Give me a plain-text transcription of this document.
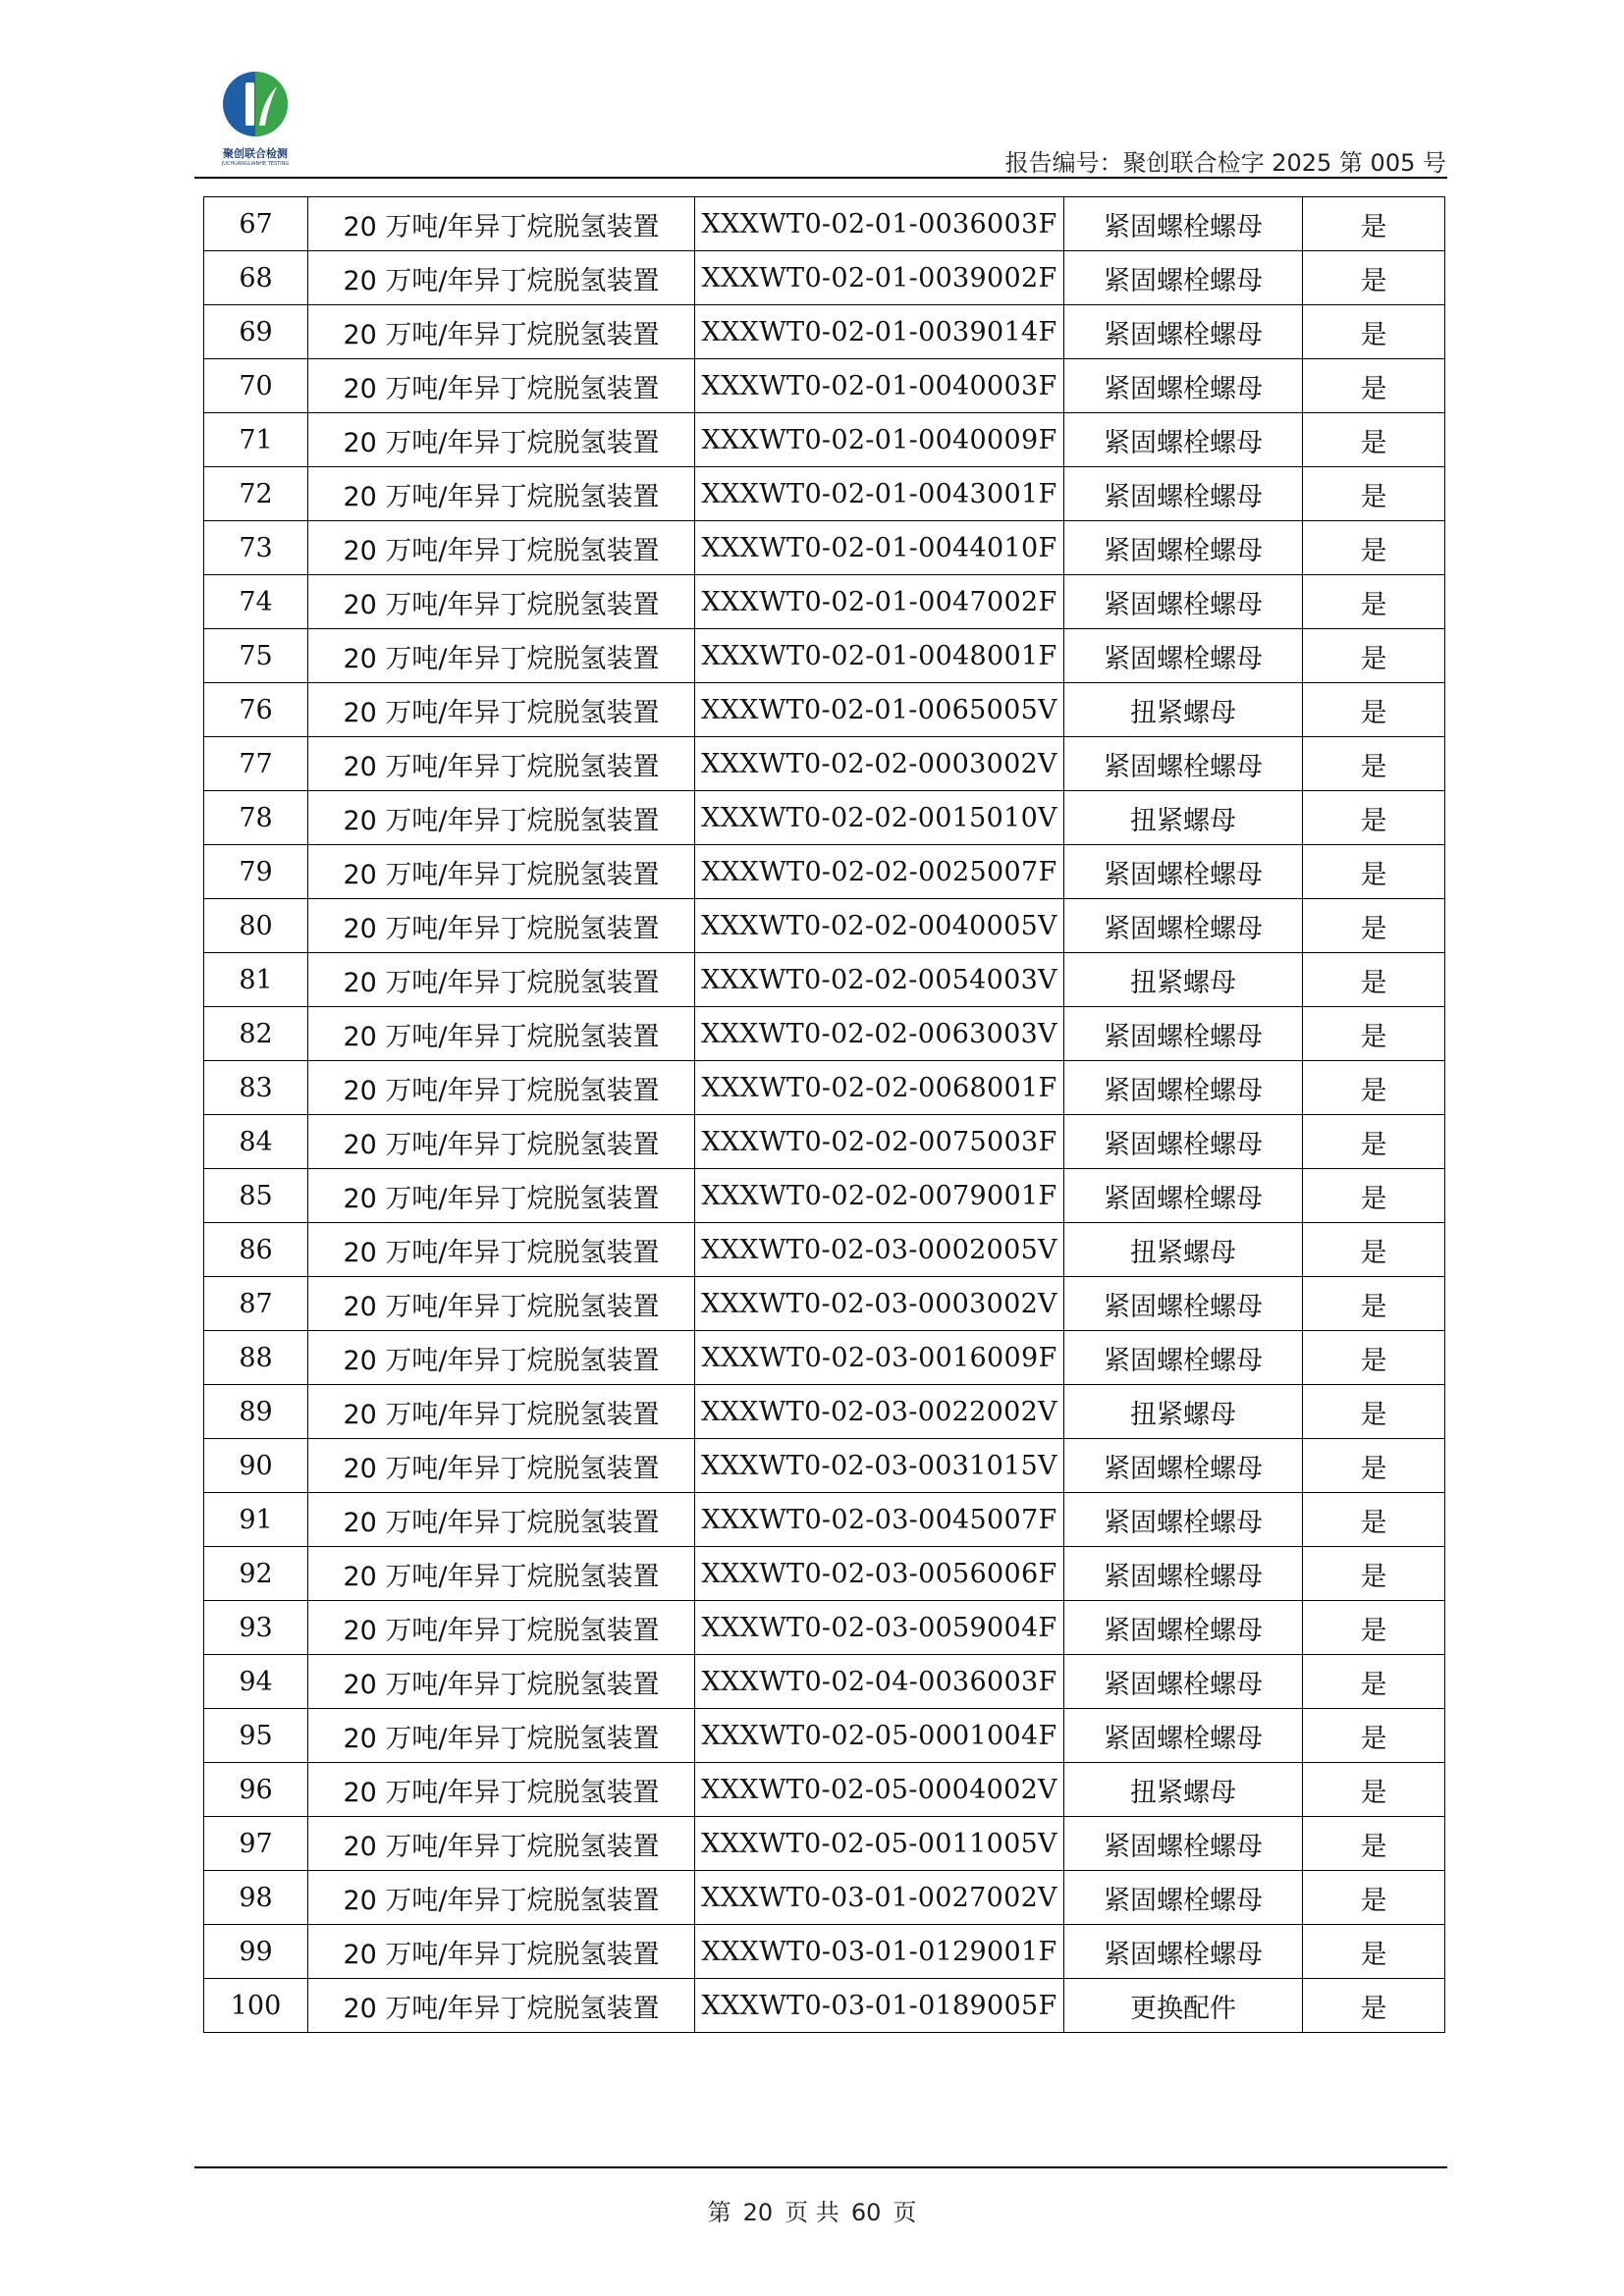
聚创联合检测
JUCHUANGLIANHE TESTING	报告编号：聚创联合检字 2025 第 005 号
67	20 万吨/年异丁烷脱氢装置	XXXWT0-02-01-0036003F	紧固螺栓螺母	是
68	20 万吨/年异丁烷脱氢装置	XXXWT0-02-01-0039002F	紧固螺栓螺母	是
69	20 万吨/年异丁烷脱氢装置	XXXWT0-02-01-0039014F	紧固螺栓螺母	是
70	20 万吨/年异丁烷脱氢装置	XXXWT0-02-01-0040003F	紧固螺栓螺母	是
71	20 万吨/年异丁烷脱氢装置	XXXWT0-02-01-0040009F	紧固螺栓螺母	是
72	20 万吨/年异丁烷脱氢装置	XXXWT0-02-01-0043001F	紧固螺栓螺母	是
73	20 万吨/年异丁烷脱氢装置	XXXWT0-02-01-0044010F	紧固螺栓螺母	是
74	20 万吨/年异丁烷脱氢装置	XXXWT0-02-01-0047002F	紧固螺栓螺母	是
75	20 万吨/年异丁烷脱氢装置	XXXWT0-02-01-0048001F	紧固螺栓螺母	是
76	20 万吨/年异丁烷脱氢装置	XXXWT0-02-01-0065005V	扭紧螺母	是
77	20 万吨/年异丁烷脱氢装置	XXXWT0-02-02-0003002V	紧固螺栓螺母	是
78	20 万吨/年异丁烷脱氢装置	XXXWT0-02-02-0015010V	扭紧螺母	是
79	20 万吨/年异丁烷脱氢装置	XXXWT0-02-02-0025007F	紧固螺栓螺母	是
80	20 万吨/年异丁烷脱氢装置	XXXWT0-02-02-0040005V	紧固螺栓螺母	是
81	20 万吨/年异丁烷脱氢装置	XXXWT0-02-02-0054003V	扭紧螺母	是
82	20 万吨/年异丁烷脱氢装置	XXXWT0-02-02-0063003V	紧固螺栓螺母	是
83	20 万吨/年异丁烷脱氢装置	XXXWT0-02-02-0068001F	紧固螺栓螺母	是
84	20 万吨/年异丁烷脱氢装置	XXXWT0-02-02-0075003F	紧固螺栓螺母	是
85	20 万吨/年异丁烷脱氢装置	XXXWT0-02-02-0079001F	紧固螺栓螺母	是
86	20 万吨/年异丁烷脱氢装置	XXXWT0-02-03-0002005V	扭紧螺母	是
87	20 万吨/年异丁烷脱氢装置	XXXWT0-02-03-0003002V	紧固螺栓螺母	是
88	20 万吨/年异丁烷脱氢装置	XXXWT0-02-03-0016009F	紧固螺栓螺母	是
89	20 万吨/年异丁烷脱氢装置	XXXWT0-02-03-0022002V	扭紧螺母	是
90	20 万吨/年异丁烷脱氢装置	XXXWT0-02-03-0031015V	紧固螺栓螺母	是
91	20 万吨/年异丁烷脱氢装置	XXXWT0-02-03-0045007F	紧固螺栓螺母	是
92	20 万吨/年异丁烷脱氢装置	XXXWT0-02-03-0056006F	紧固螺栓螺母	是
93	20 万吨/年异丁烷脱氢装置	XXXWT0-02-03-0059004F	紧固螺栓螺母	是
94	20 万吨/年异丁烷脱氢装置	XXXWT0-02-04-0036003F	紧固螺栓螺母	是
95	20 万吨/年异丁烷脱氢装置	XXXWT0-02-05-0001004F	紧固螺栓螺母	是
96	20 万吨/年异丁烷脱氢装置	XXXWT0-02-05-0004002V	扭紧螺母	是
97	20 万吨/年异丁烷脱氢装置	XXXWT0-02-05-0011005V	紧固螺栓螺母	是
98	20 万吨/年异丁烷脱氢装置	XXXWT0-03-01-0027002V	紧固螺栓螺母	是
99	20 万吨/年异丁烷脱氢装置	XXXWT0-03-01-0129001F	紧固螺栓螺母	是
100	20 万吨/年异丁烷脱氢装置	XXXWT0-03-01-0189005F	更换配件	是
第 20 页 共 60 页
